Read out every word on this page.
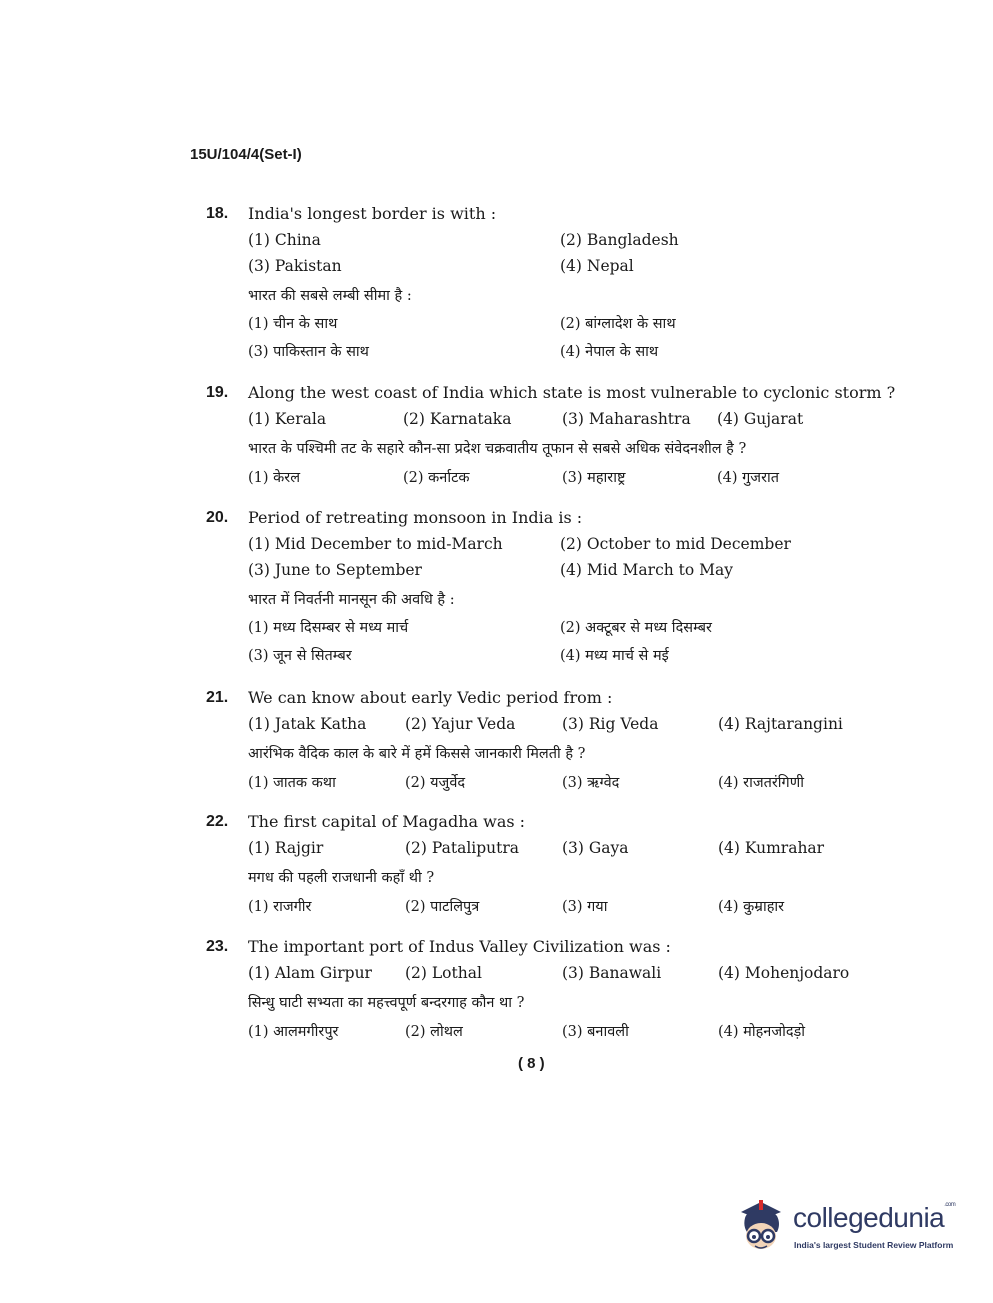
15U/104/4(Set-I)
18.	India's longest border is with :
(1) China	(2) Bangladesh
(3) Pakistan	(4) Nepal
भारत की सबसे लम्बी सीमा है :
(1) चीन के साथ	(2) बांग्लादेश के साथ
(3) पाकिस्तान के साथ	(4) नेपाल के साथ
19.	Along the west coast of India which state is most vulnerable to cyclonic storm ?
(1) Kerala	(2) Karnataka	(3) Maharashtra (4) Gujarat
भारत के पश्चिमी तट के सहारे कौन-सा प्रदेश चक्रवातीय तूफान से सबसे अधिक संवेदनशील है ?
(1) केरल	(2) कर्नाटक	(3) महाराष्ट्र	(4) गुजरात
20.	Period of retreating monsoon in India is :
(1) Mid December to mid-March	(2) October to mid December
(3) June to September	(4) Mid March to May
भारत में निवर्तनी मानसून की अवधि है :
(1) मध्य दिसम्बर से मध्य मार्च	(2) अक्टूबर से मध्य दिसम्बर
(3) जून से सितम्बर	(4) मध्य मार्च से मई
21.	We can know about early Vedic period from :
(1) Jatak Katha (2) Yajur Veda	(3) Rig Veda	(4) Rajtarangini
आरंभिक वैदिक काल के बारे में हमें किससे जानकारी मिलती है ?
(1) जातक कथा	(2) यजुर्वेद	(3) ऋग्वेद	(4) राजतरंगिणी
22.	The first capital of Magadha was :
(1) Rajgir	(2) Pataliputra	(3) Gaya	(4) Kumrahar
मगध की पहली राजधानी कहाँ थी ?
(1) राजगीर	(2) पाटलिपुत्र	(3) गया	(4) कुम्राहार
23.	The important port of Indus Valley Civilization was :
(1) Alam Girpur (2) Lothal	(3) Banawali	(4) Mohenjodaro
सिन्धु घाटी सभ्यता का महत्त्वपूर्ण बन्दरगाह कौन था ?
(1) आलमगीरपुर	(2) लोथल	(3) बनावली	(4) मोहनजोदड़ो
( 8 )
collegedunia$^{.com}$
India's largest Student Review Platform
